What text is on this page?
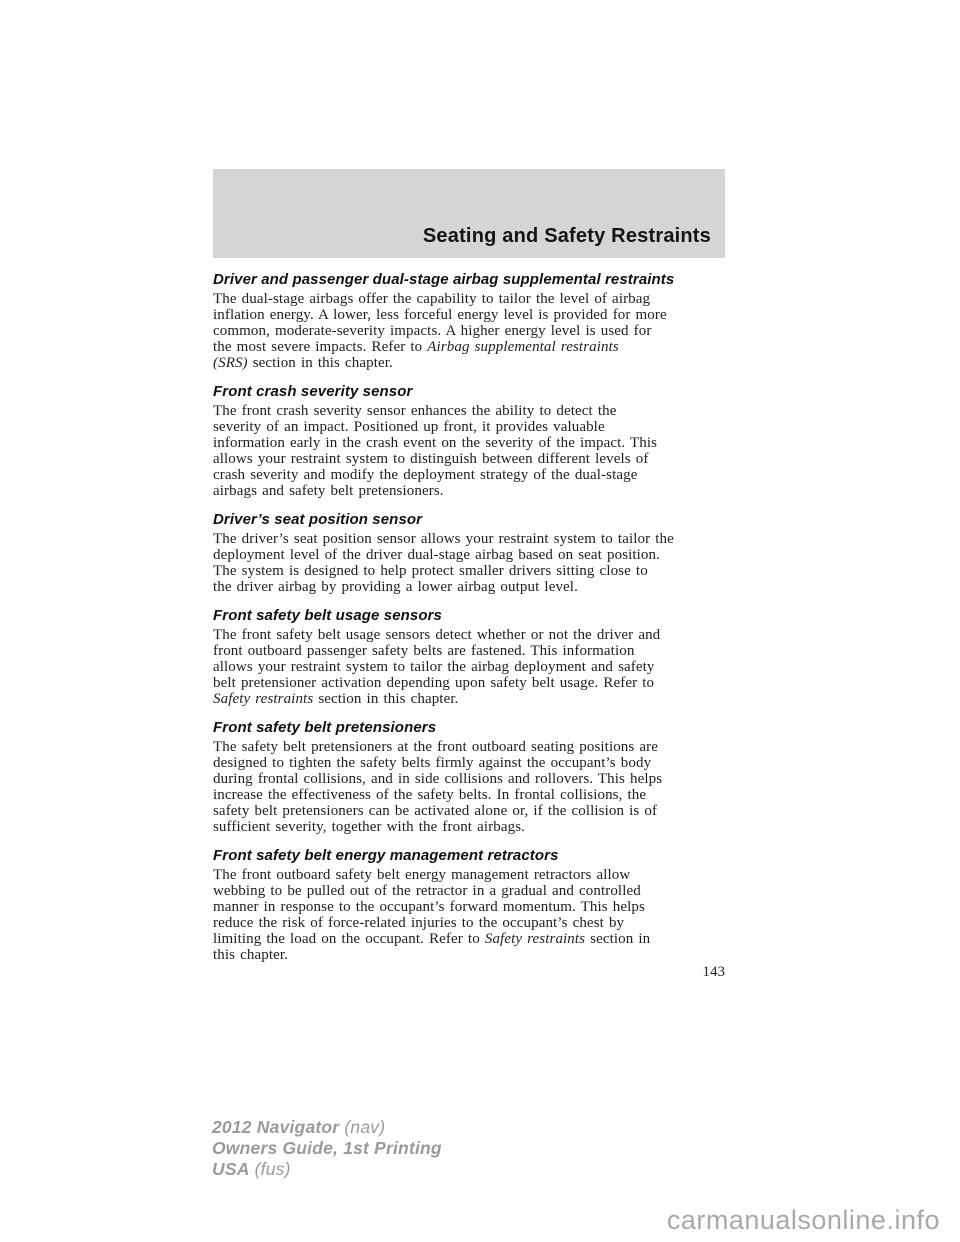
Seating and Safety Restraints
Driver and passenger dual-stage airbag supplemental restraints
The dual-stage airbags offer the capability to tailor the level of airbag
inflation energy. A lower, less forceful energy level is provided for more
common, moderate-severity impacts. A higher energy level is used for
the most severe impacts. Refer to Airbag supplemental restraints
(SRS) section in this chapter.
Front crash severity sensor
The front crash severity sensor enhances the ability to detect the
severity of an impact. Positioned up front, it provides valuable
information early in the crash event on the severity of the impact. This
allows your restraint system to distinguish between different levels of
crash severity and modify the deployment strategy of the dual-stage
airbags and safety belt pretensioners.
Driver’s seat position sensor
The driver’s seat position sensor allows your restraint system to tailor the
deployment level of the driver dual-stage airbag based on seat position.
The system is designed to help protect smaller drivers sitting close to
the driver airbag by providing a lower airbag output level.
Front safety belt usage sensors
The front safety belt usage sensors detect whether or not the driver and
front outboard passenger safety belts are fastened. This information
allows your restraint system to tailor the airbag deployment and safety
belt pretensioner activation depending upon safety belt usage. Refer to
Safety restraints section in this chapter.
Front safety belt pretensioners
The safety belt pretensioners at the front outboard seating positions are
designed to tighten the safety belts firmly against the occupant’s body
during frontal collisions, and in side collisions and rollovers. This helps
increase the effectiveness of the safety belts. In frontal collisions, the
safety belt pretensioners can be activated alone or, if the collision is of
sufficient severity, together with the front airbags.
Front safety belt energy management retractors
The front outboard safety belt energy management retractors allow
webbing to be pulled out of the retractor in a gradual and controlled
manner in response to the occupant’s forward momentum. This helps
reduce the risk of force-related injuries to the occupant’s chest by
limiting the load on the occupant. Refer to Safety restraints section in
this chapter.
143
2012 Navigator (nav)
Owners Guide, 1st Printing
USA (fus)
carmanualsonline.info
